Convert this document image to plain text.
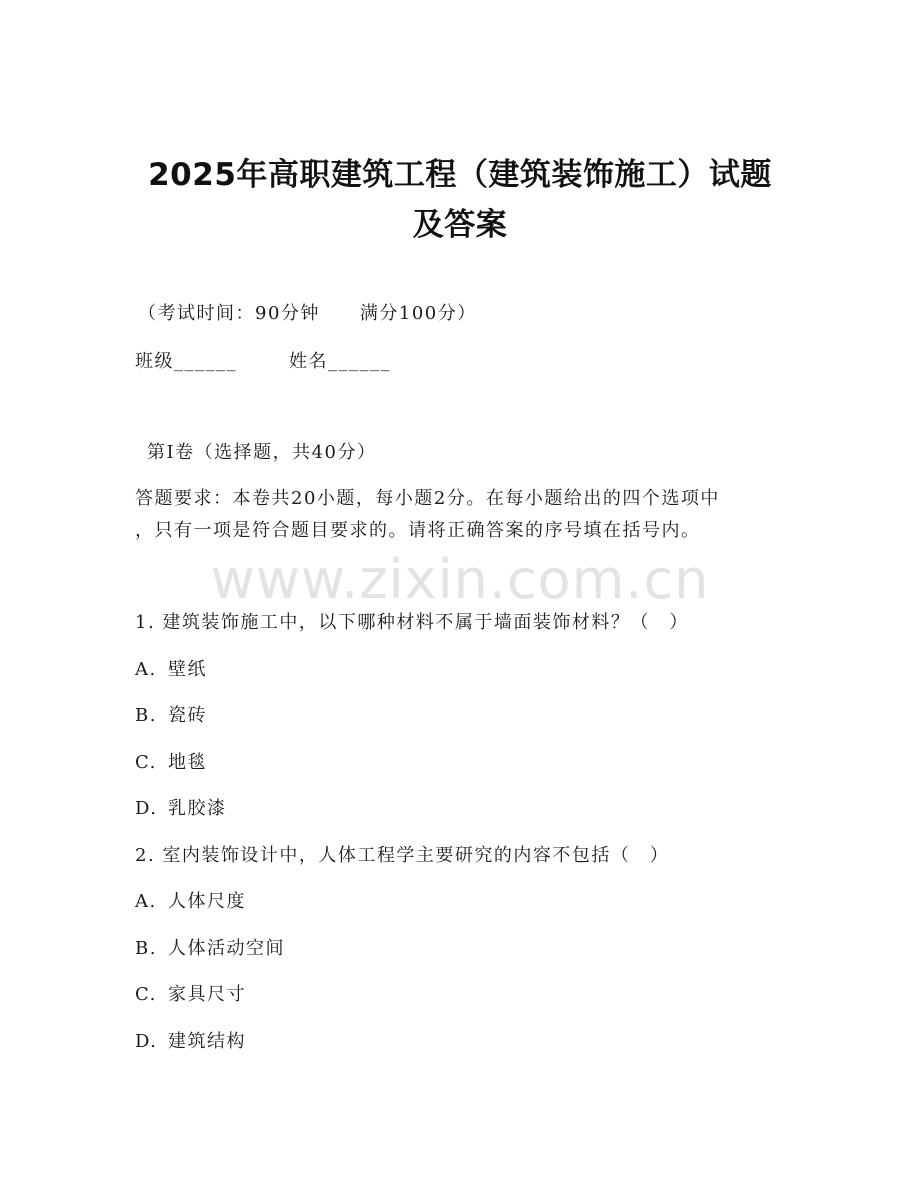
2025年高职建筑工程（建筑装饰施工）试题
及答案
（考试时间：90分钟 满分100分）
班级______	姓名______
第Ⅰ卷（选择题，共40分）
答题要求：本卷共20小题，每小题2分。在每小题给出的四个选项中
，只有一项是符合题目要求的。请将正确答案的序号填在括号内。
www.zixin.com.cn
1. 建筑装饰施工中，以下哪种材料不属于墙面装饰材料？（　）
A. 壁纸
B. 瓷砖
C. 地毯
D. 乳胶漆
2. 室内装饰设计中，人体工程学主要研究的内容不包括（　）
A. 人体尺度
B. 人体活动空间
C. 家具尺寸
D. 建筑结构
